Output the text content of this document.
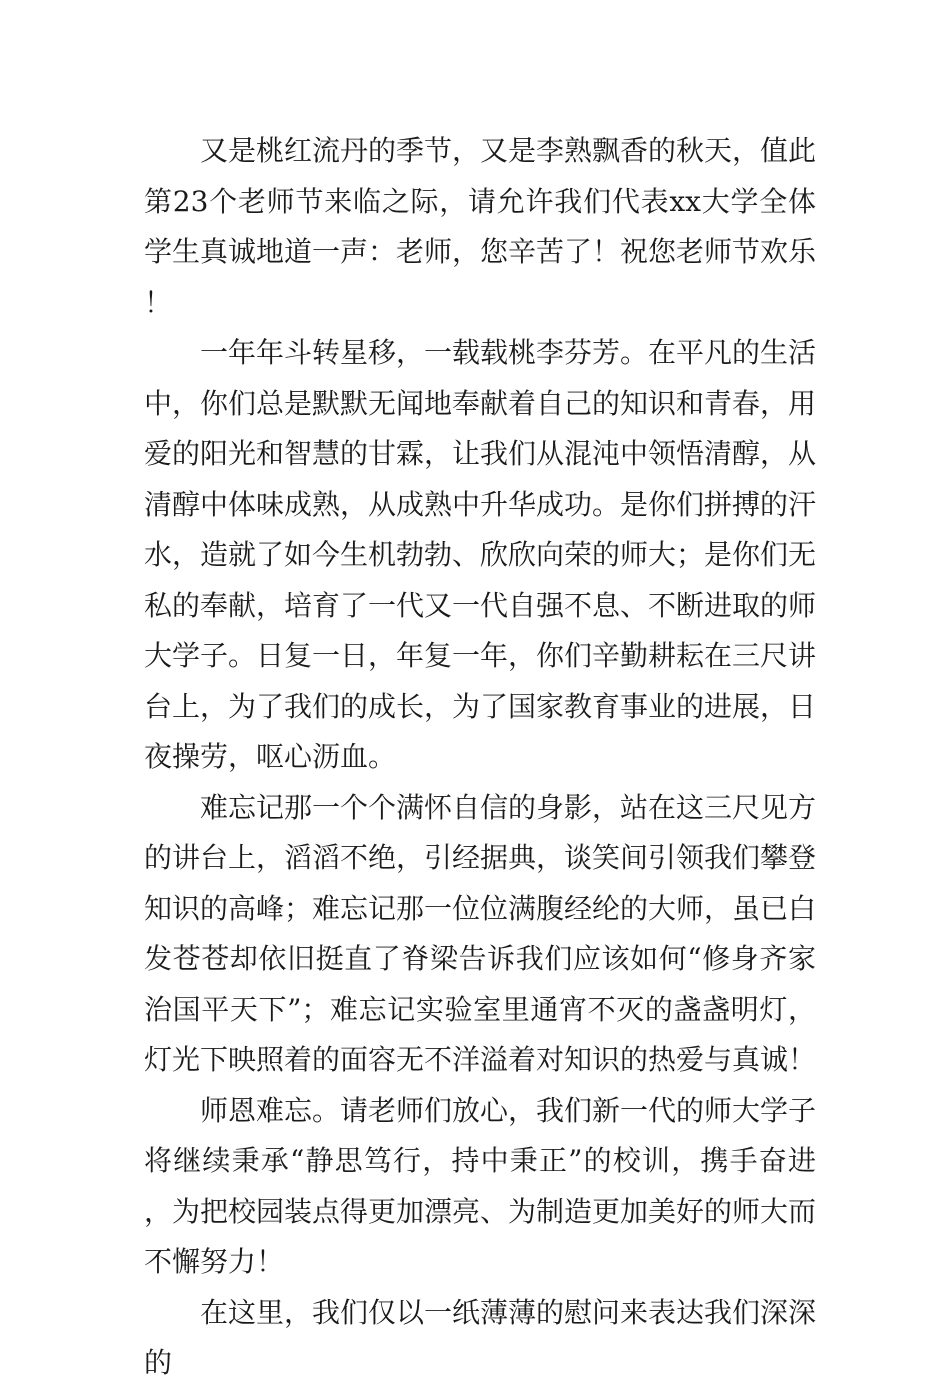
又是桃红流丹的季节，又是李熟飘香的秋天，值此第23个老师节来临之际，请允许我们代表xx大学全体学生真诚地道一声：老师，您辛苦了！祝您老师节欢乐！

一年年斗转星移，一载载桃李芬芳。在平凡的生活中，你们总是默默无闻地奉献着自己的知识和青春，用爱的阳光和智慧的甘霖，让我们从混沌中领悟清醇，从清醇中体味成熟，从成熟中升华成功。是你们拼搏的汗水，造就了如今生机勃勃、欣欣向荣的师大；是你们无私的奉献，培育了一代又一代自强不息、不断进取的师大学子。日复一日，年复一年，你们辛勤耕耘在三尺讲台上，为了我们的成长，为了国家教育事业的进展，日夜操劳，呕心沥血。

难忘记那一个个满怀自信的身影，站在这三尺见方的讲台上，滔滔不绝，引经据典，谈笑间引领我们攀登知识的高峰；难忘记那一位位满腹经纶的大师，虽已白发苍苍却依旧挺直了脊梁告诉我们应该如何“修身齐家治国平天下”；难忘记实验室里通宵不灭的盏盏明灯，灯光下映照着的面容无不洋溢着对知识的热爱与真诚！

师恩难忘。请老师们放心，我们新一代的师大学子将继续秉承“静思笃行，持中秉正”的校训，携手奋进，为把校园装点得更加漂亮、为制造更加美好的师大而不懈努力！

在这里，我们仅以一纸薄薄的慰问来表达我们深深的
